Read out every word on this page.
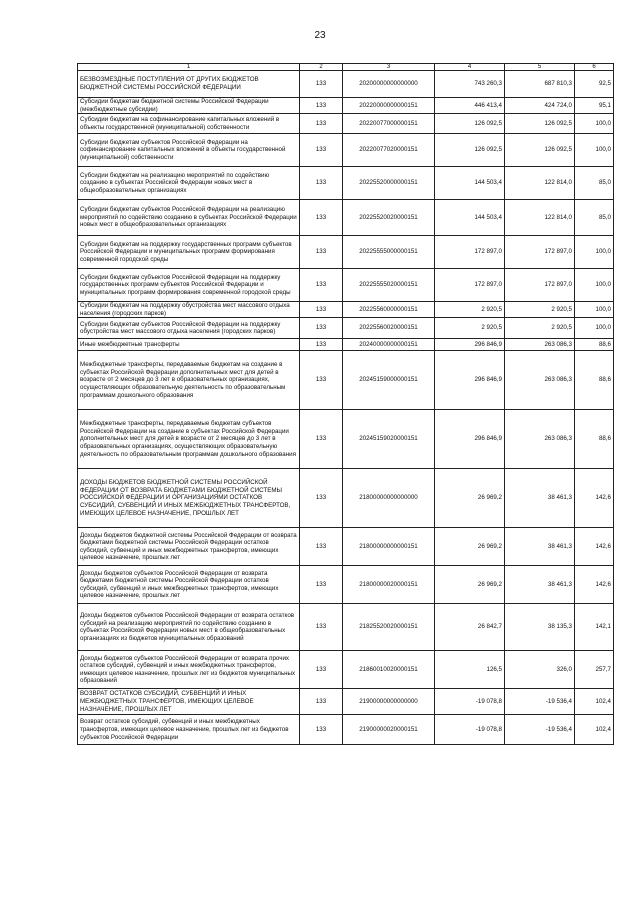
23
1	2	3	4	5	6
БЕЗВОЗМЕЗДНЫЕ ПОСТУПЛЕНИЯ ОТ ДРУГИХ БЮДЖЕТОВ БЮДЖЕТНОЙ СИСТЕМЫ РОССИЙСКОЙ ФЕДЕРАЦИИ	133	20200000000000000	743 260,3	687 810,3	92,5
Субсидии бюджетам бюджетной системы Российской Федерации (межбюджетные субсидии)	133	20220000000000151	446 413,4	424 724,0	95,1
Субсидии бюджетам на софинансирование капитальных вложений в объекты государственной (муниципальной) собственности	133	20220077000000151	126 092,5	126 092,5	100,0
Субсидии бюджетам субъектов Российской Федерации на софинансирование капитальных вложений в объекты государственной (муниципальной) собственности	133	20220077020000151	126 092,5	126 092,5	100,0
Субсидии бюджетам на реализацию мероприятий по содействию созданию в субъектах Российской Федерации новых мест в общеобразовательных организациях	133	20225520000000151	144 503,4	122 814,0	85,0
Субсидии бюджетам субъектов Российской Федерации на реализацию мероприятий по содействию созданию в субъектах Российской Федерации новых мест в общеобразовательных организациях	133	20225520020000151	144 503,4	122 814,0	85,0
Субсидии бюджетам на поддержку государственных программ субъектов Российской Федерации и муниципальных программ формирования современной городской среды	133	20225555000000151	172 897,0	172 897,0	100,0
Субсидии бюджетам субъектов Российской Федерации на поддержку государственных программ субъектов Российской Федерации и муниципальных программ формирования современной городской среды	133	20225555020000151	172 897,0	172 897,0	100,0
Субсидии бюджетам на поддержку обустройства мест массового отдыха населения (городских парков)	133	20225560000000151	2 920,5	2 920,5	100,0
Субсидии бюджетам субъектов Российской Федерации на поддержку обустройства мест массового отдыха населения (городских парков)	133	20225560020000151	2 920,5	2 920,5	100,0
Иные межбюджетные трансферты	133	20240000000000151	296 846,9	263 086,3	88,6
Межбюджетные трансферты, передаваемые бюджетам на создание в субъектах Российской Федерации дополнительных мест для детей в возрасте от 2 месяцев до 3 лет в образовательных организациях, осуществляющих образовательную деятельность по образовательным программам дошкольного образования	133	20245159000000151	296 846,9	263 086,3	88,6
Межбюджетные трансферты, передаваемые бюджетам субъектов Российской Федерации на создание в субъектах Российской Федерации дополнительных мест для детей в возрасте от 2 месяцев до 3 лет в образовательных организациях, осуществляющих образовательную деятельность по образовательным программам дошкольного образования	133	20245159020000151	296 846,9	263 086,3	88,6
ДОХОДЫ БЮДЖЕТОВ БЮДЖЕТНОЙ СИСТЕМЫ РОССИЙСКОЙ ФЕДЕРАЦИИ ОТ ВОЗВРАТА БЮДЖЕТАМИ БЮДЖЕТНОЙ СИСТЕМЫ РОССИЙСКОЙ ФЕДЕРАЦИИ И ОРГАНИЗАЦИЯМИ ОСТАТКОВ СУБСИДИЙ, СУБВЕНЦИЙ И ИНЫХ МЕЖБЮДЖЕТНЫХ ТРАНСФЕРТОВ, ИМЕЮЩИХ ЦЕЛЕВОЕ НАЗНАЧЕНИЕ, ПРОШЛЫХ ЛЕТ	133	21800000000000000	26 969,2	38 461,3	142,6
Доходы бюджетов бюджетной системы Российской Федерации от возврата бюджетами бюджетной системы Российской Федерации остатков субсидий, субвенций и иных межбюджетных трансфертов, имеющих целевое назначение, прошлых лет	133	21800000000000151	26 969,2	38 461,3	142,6
Доходы бюджетов субъектов Российской Федерации от возврата бюджетами бюджетной системы Российской Федерации остатков субсидий, субвенций и иных межбюджетных трансфертов, имеющих целевое назначение, прошлых лет	133	21800000020000151	26 969,2	38 461,3	142,6
Доходы бюджетов субъектов Российской Федерации от возврата остатков субсидий на реализацию мероприятий по содействию созданию в субъектах Российской Федерации новых мест в общеобразовательных организациях из бюджетов муниципальных образований	133	21825520020000151	26 842,7	38 135,3	142,1
Доходы бюджетов субъектов Российской Федерации от возврата прочих остатков субсидий, субвенций и иных межбюджетных трансфертов, имеющих целевое назначение, прошлых лет из бюджетов муниципальных образований	133	21860010020000151	126,5	326,0	257,7
ВОЗВРАТ ОСТАТКОВ СУБСИДИЙ, СУБВЕНЦИЙ И ИНЫХ МЕЖБЮДЖЕТНЫХ ТРАНСФЕРТОВ, ИМЕЮЩИХ ЦЕЛЕВОЕ НАЗНАЧЕНИЕ, ПРОШЛЫХ ЛЕТ	133	21900000000000000	-19 078,8	-19 536,4	102,4
Возврат остатков субсидий, субвенций и иных межбюджетных трансфертов, имеющих целевое назначение, прошлых лет из бюджетов субъектов Российской Федерации	133	21900000020000151	-19 078,8	-19 536,4	102,4
